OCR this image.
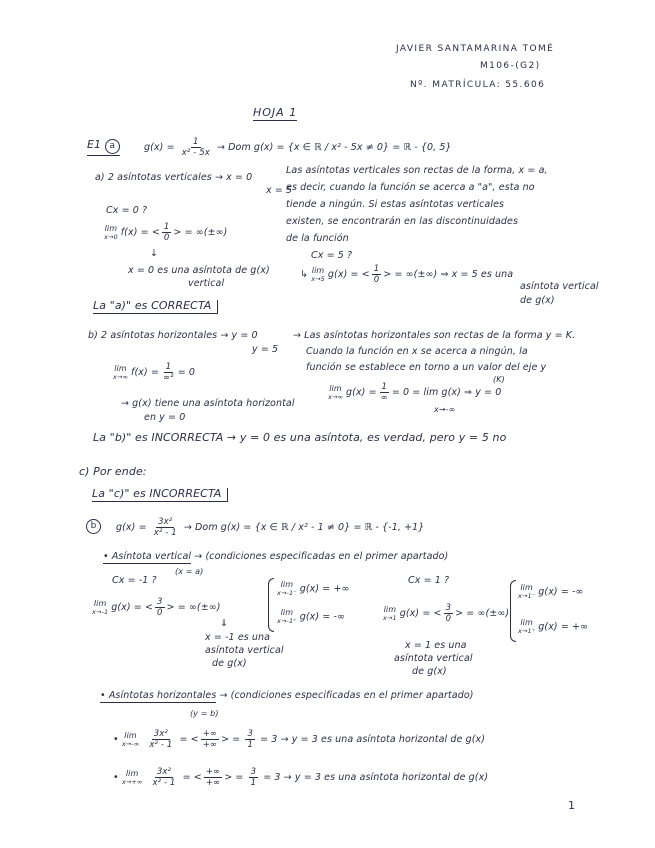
JAVIER SANTAMARINA TOMÉ
M106-(G2)
Nº. MATRÍCULA: 55.606
HOJA 1
E1 a	$g(x) = \frac{1}{\text{x² - 5x}}$ → Dom g(x) = {x ∈ ℝ / x² - 5x ≠ 0} = ℝ - {0, 5}
a) 2 asíntotas verticales → x = 0
x = 5
Las asíntotas verticales son rectas de la forma, x = a,
es decir, cuando la función se acerca a "a", esta no
tiende a ningún. Si estas asíntotas verticales
existen, se encontrarán en las discontinuidades
de la función
Cx = 0 ?
lim
x→0 f(x) = < $\frac{1}{0}$ > = ∞(±∞)
↓
x = 0 es una asíntota de g(x)
vertical
Cx = 5 ?
↳ lim
x→5 g(x) = < $\frac{1}{0}$ > = ∞(±∞) ⇒ x = 5 es una
asíntota vertical
de g(x)
La "a)" es CORRECTA
b) 2 asíntotas horizontales → y = 0
y = 5
→ Las asíntotas horizontales son rectas de la forma y = K.
Cuando la función en x se acerca a ningún, la
función se establece en torno a un valor del eje y
(K)
lim
x→∞ $f(x) = \frac{1}{\text{∞²}} = 0$
lim
x→∞ $g(x) = \frac{1}{\infty} = 0 = \lim g(x)$ ⇒ y = 0
x→-∞
→ g(x) tiene una asíntota horizontal
en y = 0
La "b)" es INCORRECTA → y = 0 es una asíntota, es verdad, pero y = 5 no
c) Por ende:
La "c)" es INCORRECTA
b	$g(x) = \frac{\text{3x²}}{\text{x² - 1}}$ → Dom g(x) = {x ∈ ℝ / x² - 1 ≠ 0} = ℝ - {-1, +1}
• Asíntota vertical → (condiciones especificadas en el primer apartado)
(x = a)
Cx = -1 ?	Cx = 1 ?
lim
x→-1 g(x) = < $\frac{3}{0}$ > = ∞(±∞)
lim
x→-1⁻ g(x) = +∞
lim
x→-1⁺ g(x) = -∞
⇓
x = -1 es una
asíntota vertical
de g(x)
lim
x→1 g(x) = < $\frac{3}{0}$ > = ∞(±∞)
lim
x→1⁻ g(x) = -∞
lim
x→1⁺ g(x) = +∞
x = 1 es una
asíntota vertical
de g(x)
• Asíntotas horizontales → (condiciones especificadas en el primer apartado)
(y = b)
• lim
x→-∞
$\frac{\text{3x²}}{\text{x² - 1}}$ = < $\frac{+\infty}{+\infty}$ > = $\frac{3}{1} = 3 \to y = 3$ es una asíntota horizontal de g(x)
• lim
x→+∞
$\frac{\text{3x²}}{\text{x² - 1}}$ = < $\frac{+\infty}{+\infty}$ > = $\frac{3}{1} = 3 \to y = 3$ es una asíntota horizontal de g(x)
1
